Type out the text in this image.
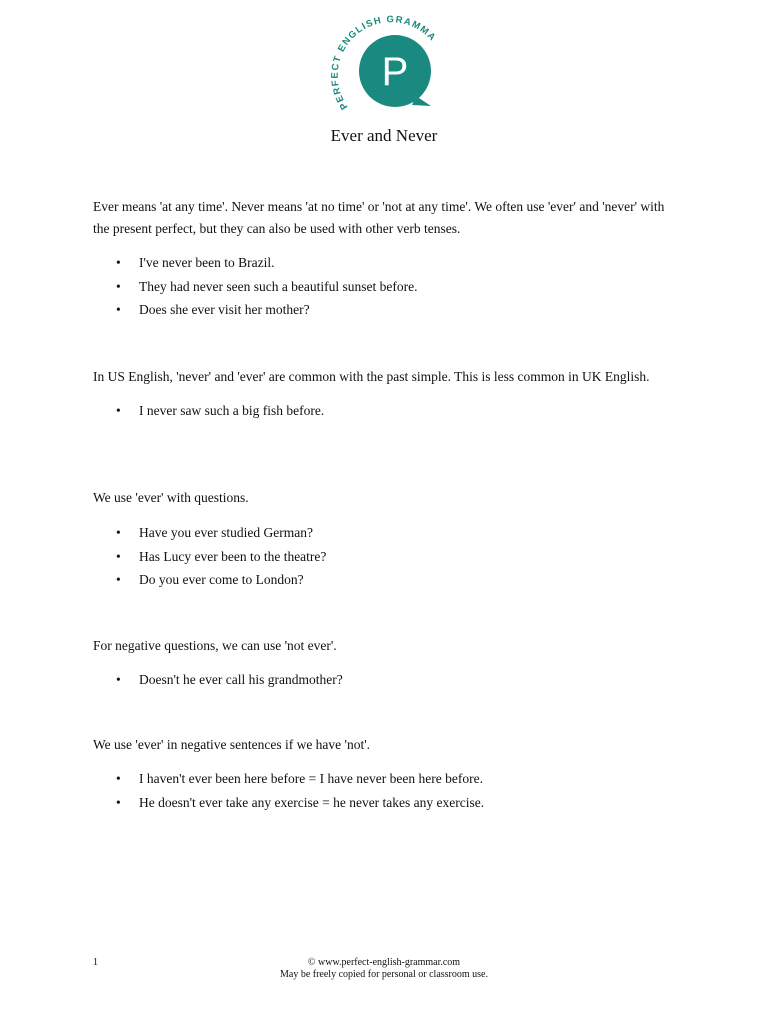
PERFECT ENGLISH GRAMMA
P
Ever and Never

Ever means 'at any time'. Never means 'at no time' or 'not at any time'. We often use 'ever' and 'never' with the present perfect, but they can also be used with other verb tenses.

• I've never been to Brazil.
• They had never seen such a beautiful sunset before.
• Does she ever visit her mother?

In US English, 'never' and 'ever' are common with the past simple. This is less common in UK English.

• I never saw such a big fish before.

We use 'ever' with questions.

• Have you ever studied German?
• Has Lucy ever been to the theatre?
• Do you ever come to London?

For negative questions, we can use 'not ever'.

• Doesn't he ever call his grandmother?

We use 'ever' in negative sentences if we have 'not'.

• I haven't ever been here before = I have never been here before.
• He doesn't ever take any exercise = he never takes any exercise.
1	© www.perfect-english-grammar.com
May be freely copied for personal or classroom use.
